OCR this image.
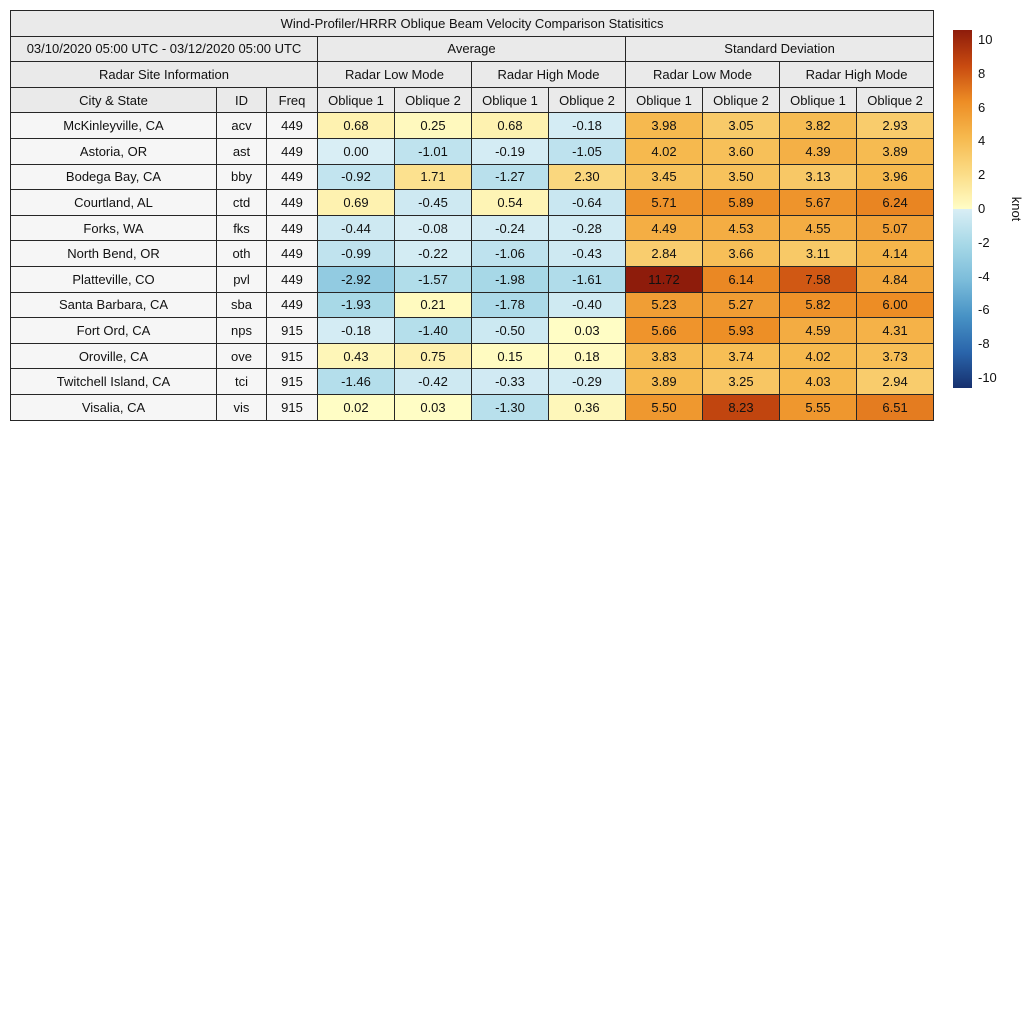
Wind-Profiler/HRRR Oblique Beam Velocity Comparison Statisitics										
03/10/2020 05:00 UTC - 03/12/2020 05:00 UTC			Average				Standard Deviation			
Radar Site Information			Radar Low Mode		Radar High Mode		Radar Low Mode		Radar High Mode	
City & State	ID	Freq	Oblique 1	Oblique 2	Oblique 1	Oblique 2	Oblique 1	Oblique 2	Oblique 1	Oblique 2
McKinleyville, CA	acv	449	0.68	0.25	0.68	-0.18	3.98	3.05	3.82	2.93
Astoria, OR	ast	449	0.00	-1.01	-0.19	-1.05	4.02	3.60	4.39	3.89
Bodega Bay, CA	bby	449	-0.92	1.71	-1.27	2.30	3.45	3.50	3.13	3.96
Courtland, AL	ctd	449	0.69	-0.45	0.54	-0.64	5.71	5.89	5.67	6.24
Forks, WA	fks	449	-0.44	-0.08	-0.24	-0.28	4.49	4.53	4.55	5.07
North Bend, OR	oth	449	-0.99	-0.22	-1.06	-0.43	2.84	3.66	3.11	4.14
Platteville, CO	pvl	449	-2.92	-1.57	-1.98	-1.61	11.72	6.14	7.58	4.84
Santa Barbara, CA	sba	449	-1.93	0.21	-1.78	-0.40	5.23	5.27	5.82	6.00
Fort Ord, CA	nps	915	-0.18	-1.40	-0.50	0.03	5.66	5.93	4.59	4.31
Oroville, CA	ove	915	0.43	0.75	0.15	0.18	3.83	3.74	4.02	3.73
Twitchell Island, CA	tci	915	-1.46	-0.42	-0.33	-0.29	3.89	3.25	4.03	2.94
Visalia, CA	vis	915	0.02	0.03	-1.30	0.36	5.50	8.23	5.55	6.51
10
8
6
4
2
0
-2
-4
-6
-8
-10
knot
